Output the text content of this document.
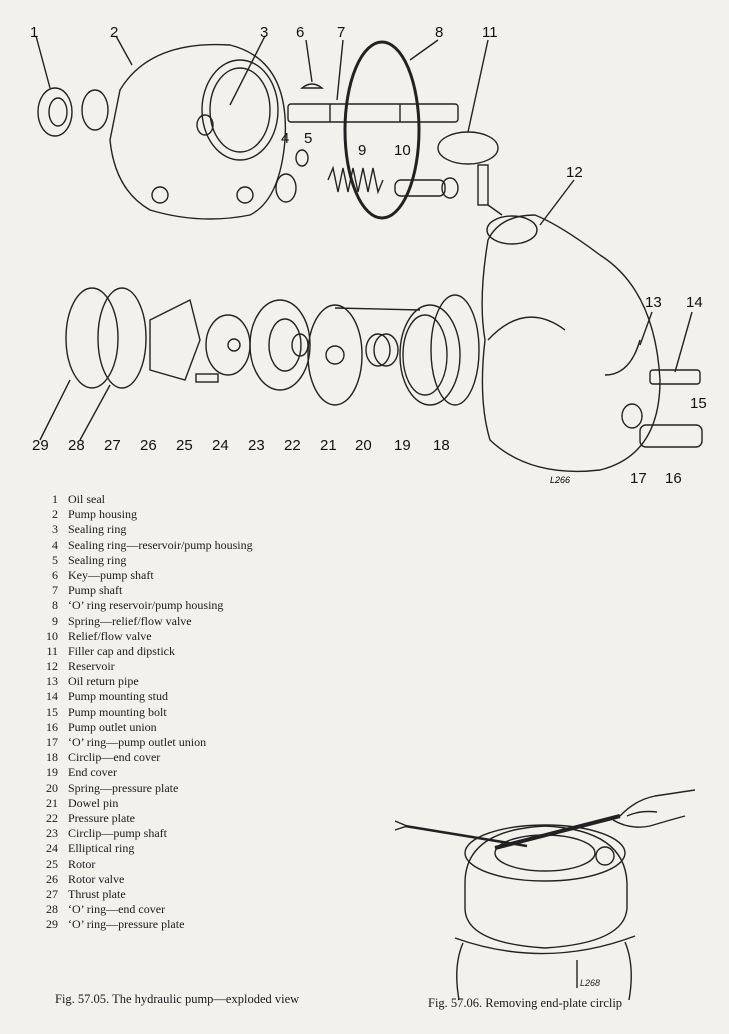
L266
1	2	3 6 7	8	11
4 5
9 10
12
13 14
15
16
17
18
19
20
21
22
23
24
25
26
27
28
29
1 Oil seal
2 Pump housing
3 Sealing ring
4 Sealing ring—reservoir/pump housing
5 Sealing ring
6 Key—pump shaft
7 Pump shaft
8 ‘O’ ring reservoir/pump housing
9 Spring—relief/flow valve
10 Relief/flow valve
11 Filler cap and dipstick
12 Reservoir
13 Oil return pipe
14 Pump mounting stud
15 Pump mounting bolt
16 Pump outlet union
17 ‘O’ ring—pump outlet union
18 Circlip—end cover
19 End cover
20 Spring—pressure plate
21 Dowel pin
22 Pressure plate
23 Circlip—pump shaft
24 Elliptical ring
25 Rotor
26 Rotor valve
27 Thrust plate
28 ‘O’ ring—end cover
29 ‘O’ ring—pressure plate
L268
Fig. 57.05. The hydraulic pump—exploded view	Fig. 57.06. Removing end-plate circlip
